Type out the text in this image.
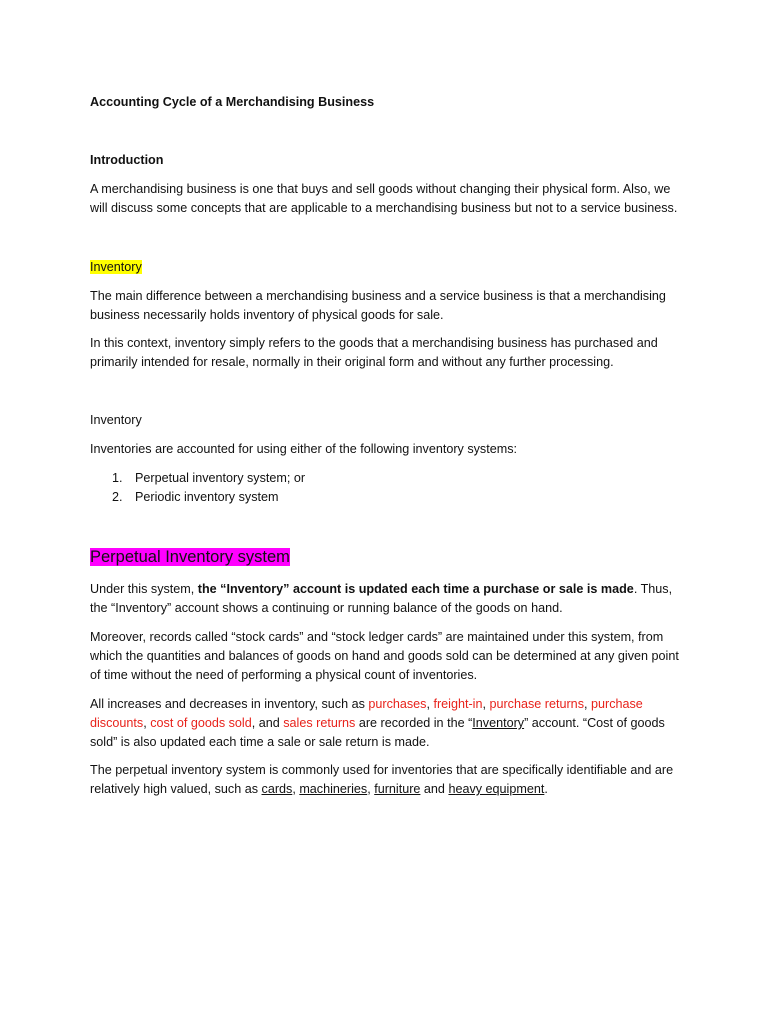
Accounting Cycle of a Merchandising Business

Introduction

A merchandising business is one that buys and sell goods without changing their physical form. Also, we will discuss some concepts that are applicable to a merchandising business but not to a service business.

Inventory

The main difference between a merchandising business and a service business is that a merchandising business necessarily holds inventory of physical goods for sale.

In this context, inventory simply refers to the goods that a merchandising business has purchased and primarily intended for resale, normally in their original form and without any further processing.

Inventory

Inventories are accounted for using either of the following inventory systems:

1. Perpetual inventory system; or
2. Periodic inventory system

Perpetual Inventory system

Under this system, the “Inventory” account is updated each time a purchase or sale is made. Thus, the “Inventory” account shows a continuing or running balance of the goods on hand.

Moreover, records called “stock cards” and “stock ledger cards” are maintained under this system, from which the quantities and balances of goods on hand and goods sold can be determined at any given point of time without the need of performing a physical count of inventories.

All increases and decreases in inventory, such as purchases, freight-in, purchase returns, purchase discounts, cost of goods sold, and sales returns are recorded in the “Inventory” account. “Cost of goods sold” is also updated each time a sale or sale return is made.

The perpetual inventory system is commonly used for inventories that are specifically identifiable and are relatively high valued, such as cards, machineries, furniture and heavy equipment.
